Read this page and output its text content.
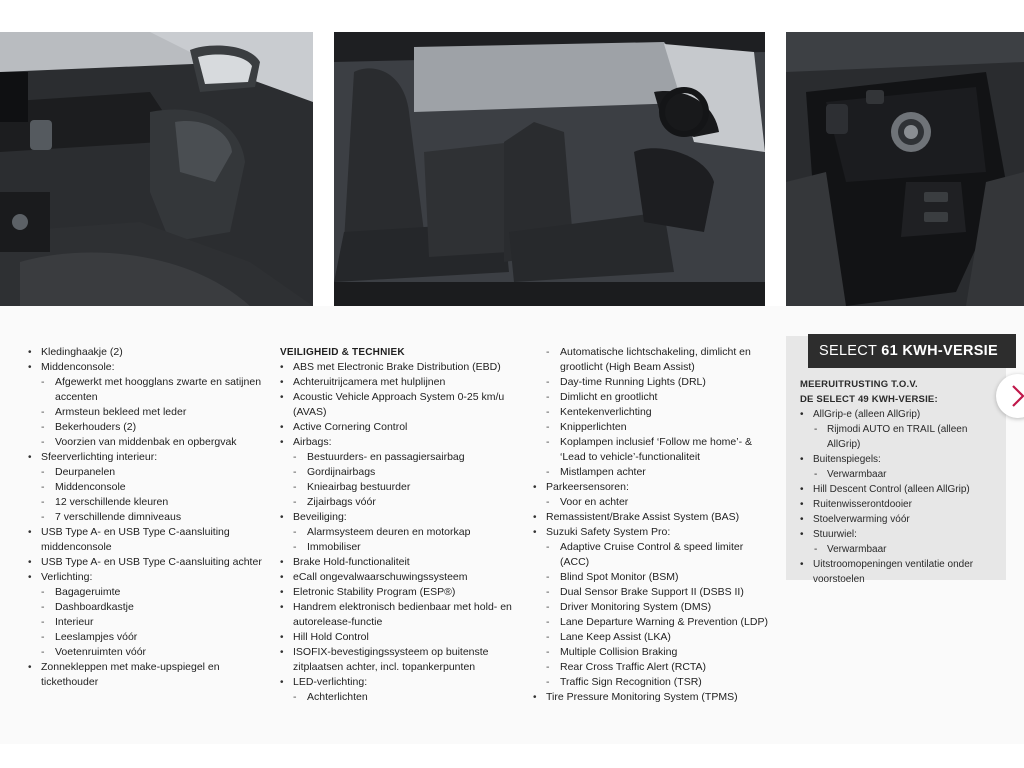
• Kledinghaakje (2)
• Middenconsole:
- Afgewerkt met hoogglans zwarte en satijnen accenten
- Armsteun bekleed met leder
- Bekerhouders (2)
- Voorzien van middenbak en opbergvak
• Sfeerverlichting interieur:
- Deurpanelen
- Middenconsole
- 12 verschillende kleuren
- 7 verschillende dimniveaus
• USB Type A- en USB Type C-aansluiting middenconsole
• USB Type A- en USB Type C-aansluiting achter
• Verlichting:
- Bagageruimte
- Dashboardkastje
- Interieur
- Leeslampjes vóór
- Voetenruimten vóór
• Zonnekleppen met make-upspiegel en tickethouder
VEILIGHEID & TECHNIEK
• ABS met Electronic Brake Distribution (EBD)
• Achteruitrijcamera met hulplijnen
• Acoustic Vehicle Approach System 0-25 km/u (AVAS)
• Active Cornering Control
• Airbags:
- Bestuurders- en passagiersairbag
- Gordijnairbags
- Knieairbag bestuurder
- Zijairbags vóór
• Beveiliging:
- Alarmsysteem deuren en motorkap
- Immobiliser
• Brake Hold-functionaliteit
• eCall ongevalwaarschuwingssysteem
• Eletronic Stability Program (ESP®)
• Handrem elektronisch bedienbaar met hold- en autorelease-functie
• Hill Hold Control
• ISOFIX-bevestigingssysteem op buitenste zitplaatsen achter, incl. topankerpunten
• LED-verlichting:
- Achterlichten
- Automatische lichtschakeling, dimlicht en grootlicht (High Beam Assist)
- Day-time Running Lights (DRL)
- Dimlicht en grootlicht
- Kentekenverlichting
- Knipperlichten
- Koplampen inclusief ‘Follow me home’- & ‘Lead to vehicle’-functionaliteit
- Mistlampen achter
• Parkeersensoren:
- Voor en achter
• Remassistent/Brake Assist System (BAS)
• Suzuki Safety System Pro:
- Adaptive Cruise Control & speed limiter (ACC)
- Blind Spot Monitor (BSM)
- Dual Sensor Brake Support II (DSBS II)
- Driver Monitoring System (DMS)
- Lane Departure Warning & Prevention (LDP)
- Lane Keep Assist (LKA)
- Multiple Collision Braking
- Rear Cross Traffic Alert (RCTA)
- Traffic Sign Recognition (TSR)
• Tire Pressure Monitoring System (TPMS)
SELECT 61 KWH-VERSIE
MEERUITRUSTING T.O.V.
DE SELECT 49 KWH-VERSIE:
• AllGrip-e (alleen AllGrip)
- Rijmodi AUTO en TRAIL (alleen AllGrip)
• Buitenspiegels:
- Verwarmbaar
• Hill Descent Control (alleen AllGrip)
• Ruitenwisserontdooier
• Stoelverwarming vóór
• Stuurwiel:
- Verwarmbaar
• Uitstroomopeningen ventilatie onder voorstoelen
